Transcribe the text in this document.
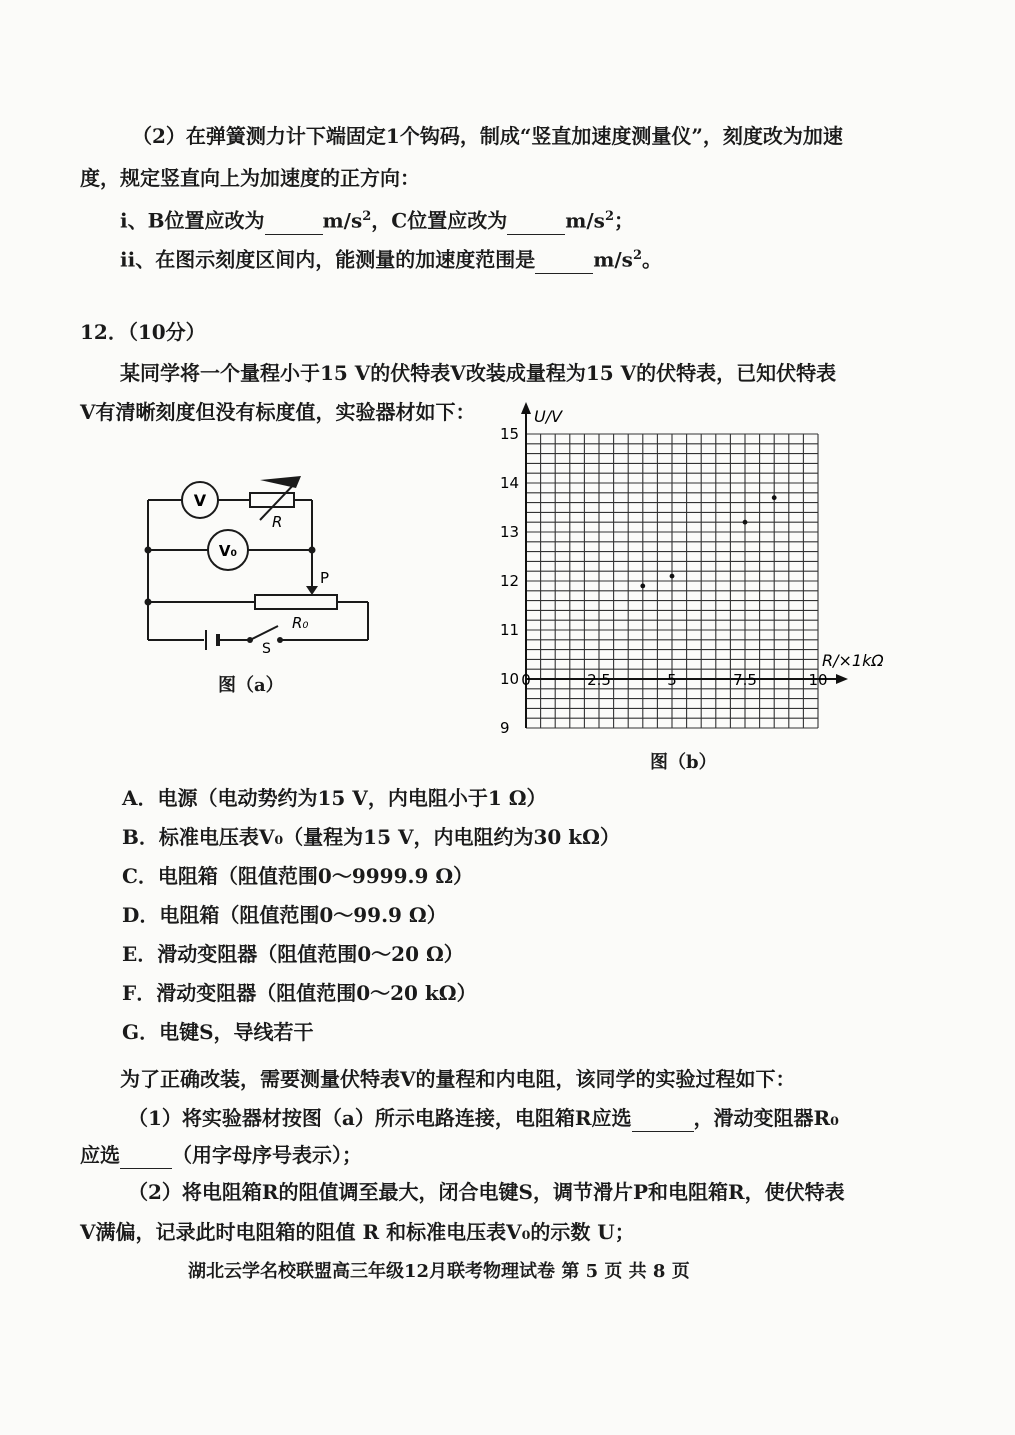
（2）在弹簧测力计下端固定1个钩码，制成“竖直加速度测量仪”，刻度改为加速
度，规定竖直向上为加速度的正方向：
i、B位置应改为	$m/s^2$，C位置应改为	$m/s^2$；
ii、在图示刻度区间内，能测量的加速度范围是	$m/s^2$。
12．（10分）
某同学将一个量程小于15 V的伏特表V改装成量程为15 V的伏特表，已知伏特表
V有清晰刻度但没有标度值，实验器材如下：
V
V₀
R
P
R₀
S
图（a）
15
14
13
12
11
10
9
0	2.5	5	7.5	10
U/V
R/×1kΩ
图（b）
A．电源（电动势约为15 V，内电阻小于1 Ω）
B．标准电压表V₀（量程为15 V，内电阻约为30 kΩ）
C．电阻箱（阻值范围0～9999.9 Ω）
D．电阻箱（阻值范围0～99.9 Ω）
E．滑动变阻器（阻值范围0～20 Ω）
F．滑动变阻器（阻值范围0～20 kΩ）
G．电键S，导线若干
为了正确改装，需要测量伏特表V的量程和内电阻，该同学的实验过程如下：
（1）将实验器材按图（a）所示电路连接，电阻箱R应选	，滑动变阻器R₀
应选	（用字母序号表示）；
（2）将电阻箱R的阻值调至最大，闭合电键S，调节滑片P和电阻箱R，使伏特表
V满偏，记录此时电阻箱的阻值 R 和标准电压表V₀的示数 U；
湖北云学名校联盟高三年级12月联考物理试卷 第 5 页 共 8 页
